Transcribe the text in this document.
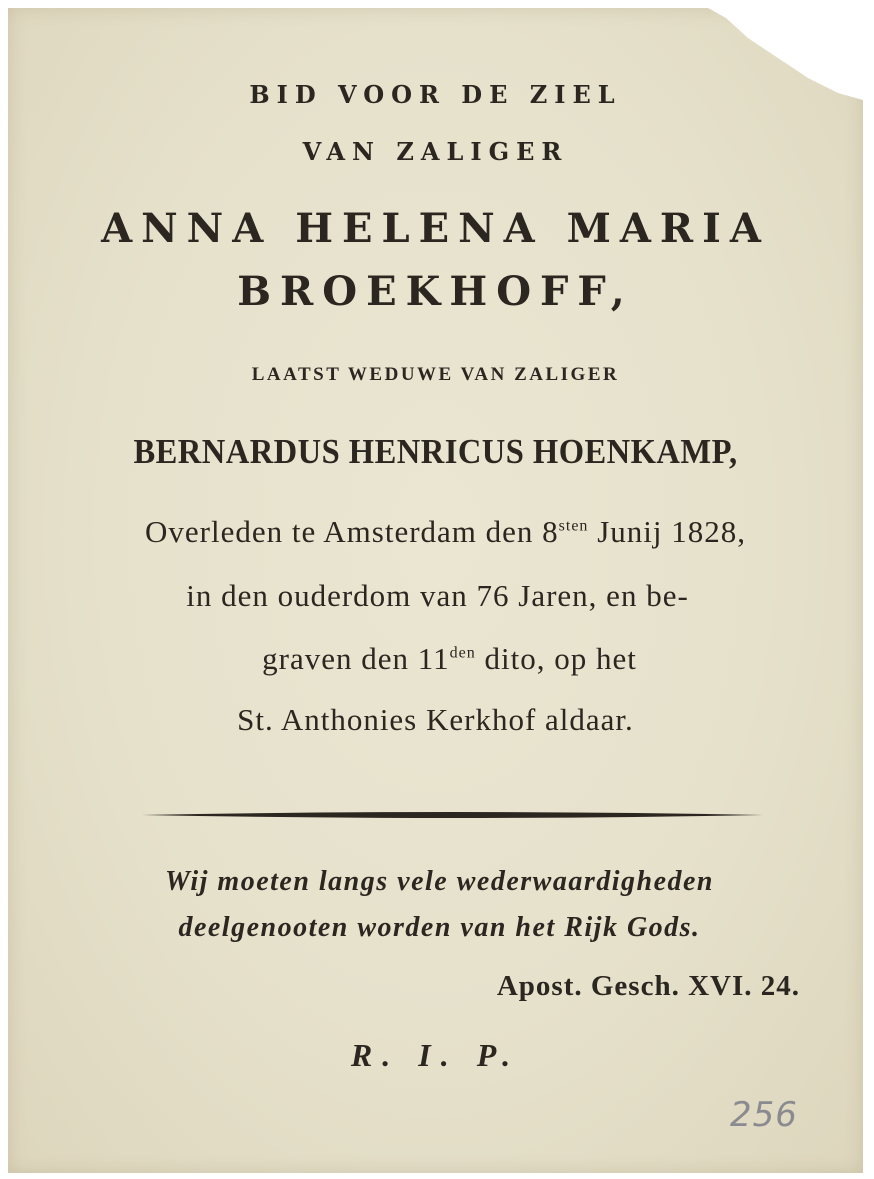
BID VOOR DE ZIEL
VAN ZALIGER
ANNA HELENA MARIA
BROEKHOFF,
LAATST WEDUWE VAN ZALIGER
BERNARDUS HENRICUS HOENKAMP,
Overleden te Amsterdam den $8^{sten}$ Junij 1828,
in den ouderdom van 76 Jaren, en be-
graven den $11^{den}$ dito, op het
St. Anthonies Kerkhof aldaar.
Wij moeten langs vele wederwaardigheden
deelgenooten worden van het Rijk Gods.
Apost. Gesch. XVI. 24.
R. I. P.
256
